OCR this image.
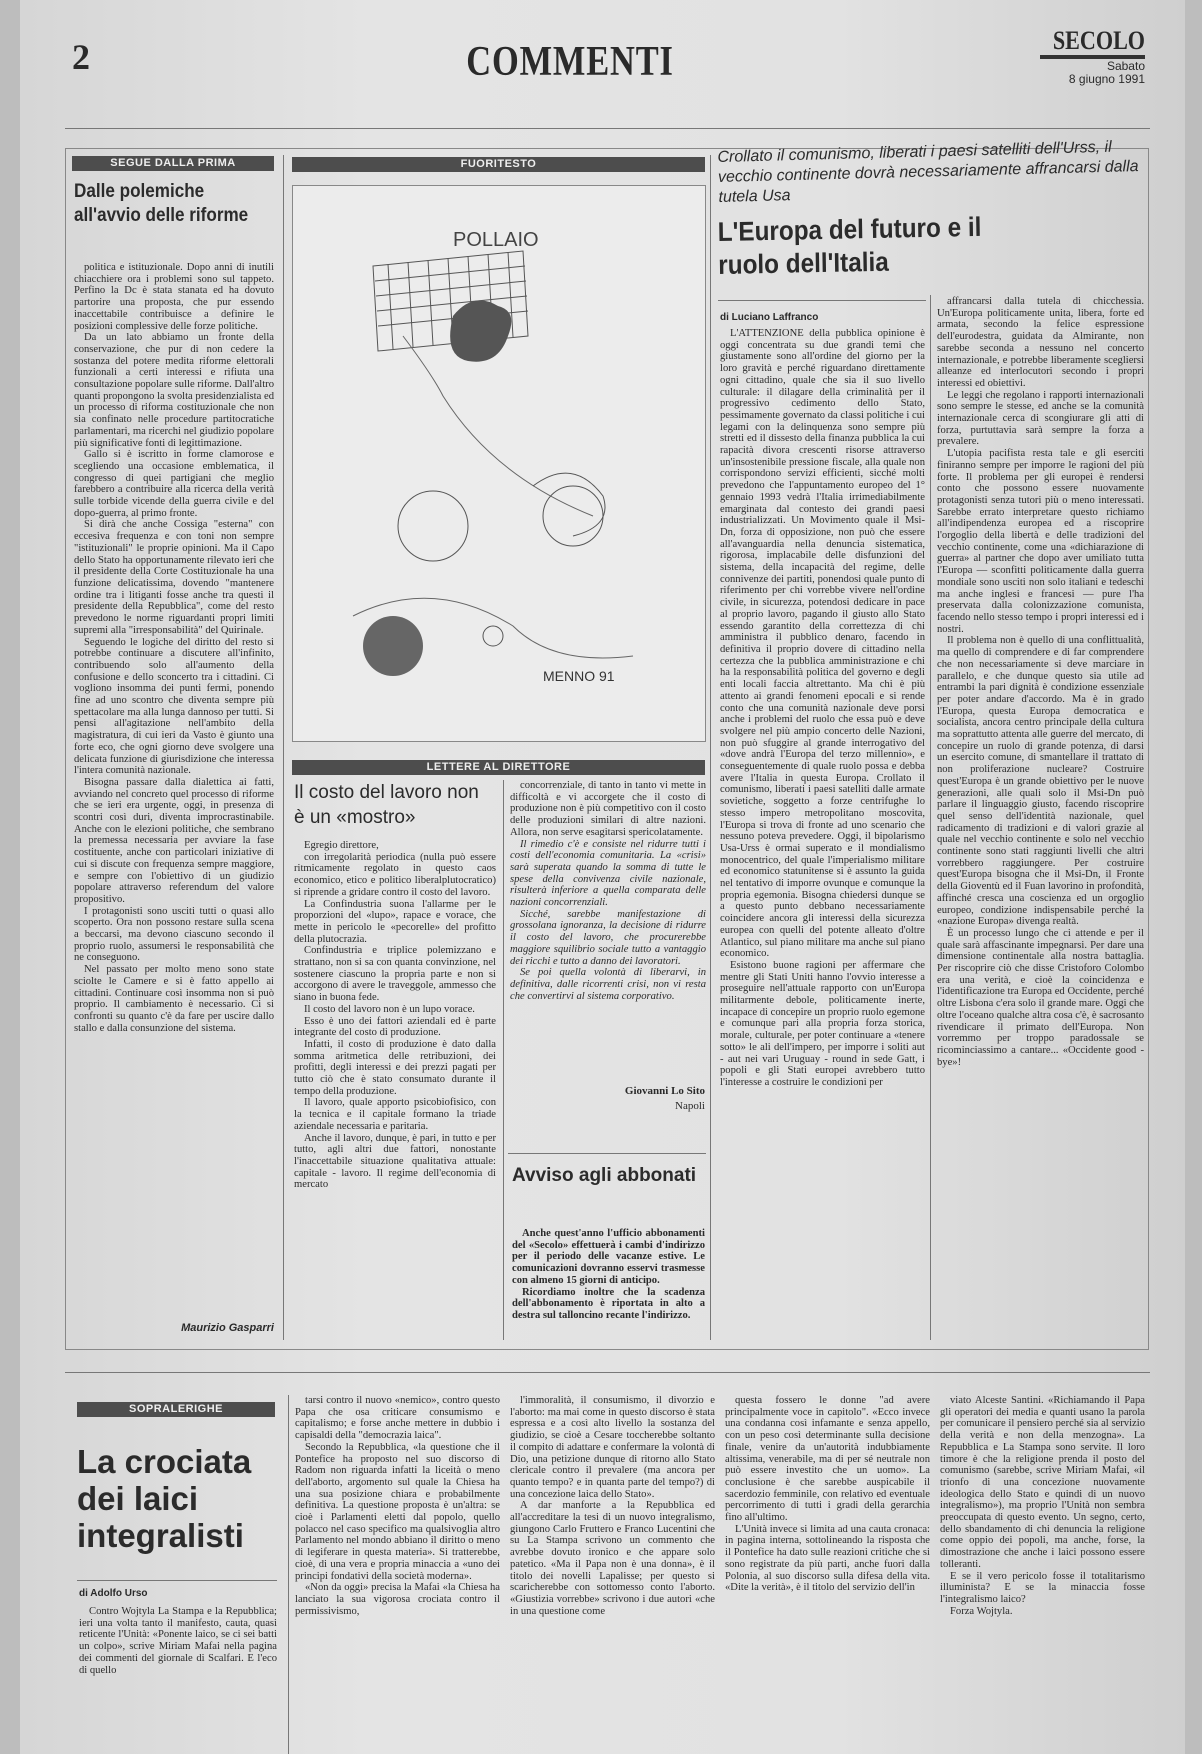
2	COMMENTI	SECOLO
Sabato
8 giugno 1991
SEGUE DALLA PRIMA
Dalle polemiche all'avvio delle riforme

politica e istituzionale. Dopo anni di inutili chiacchiere ora i problemi sono sul tappeto. Perfino la Dc è stata stanata ed ha dovuto partorire una proposta, che pur essendo inaccettabile contribuisce a definire le posizioni complessive delle forze politiche.

Da un lato abbiamo un fronte della conservazione, che pur di non cedere la sostanza del potere medita riforme elettorali funzionali a certi interessi e rifiuta una consultazione popolare sulle riforme. Dall'altro quanti propongono la svolta presidenzialista ed un processo di riforma costituzionale che non sia confinato nelle procedure partitocratiche parlamentari, ma ricerchi nel giudizio popolare più significative fonti di legittimazione.

Gallo si è iscritto in forme clamorose e scegliendo una occasione emblematica, il congresso di quei partigiani che meglio farebbero a contribuire alla ricerca della verità sulle torbide vicende della guerra civile e del dopo-guerra, al primo fronte.

Si dirà che anche Cossiga "esterna" con eccesiva frequenza e con toni non sempre "istituzionali" le proprie opinioni. Ma il Capo dello Stato ha opportunamente rilevato ieri che il presidente della Corte Costituzionale ha una funzione delicatissima, dovendo "mantenere ordine tra i litiganti fosse anche tra questi il presidente della Repubblica", come del resto prevedono le norme riguardanti propri limiti supremi alla "irresponsabilità" del Quirinale.

Seguendo le logiche del diritto del resto si potrebbe continuare a discutere all'infinito, contribuendo solo all'aumento della confusione e dello sconcerto tra i cittadini. Ci vogliono insomma dei punti fermi, ponendo fine ad uno scontro che diventa sempre più spettacolare ma alla lunga dannoso per tutti. Si pensi all'agitazione nell'ambito della magistratura, di cui ieri da Vasto è giunto una forte eco, che ogni giorno deve svolgere una delicata funzione di giurisdizione che interessa l'intera comunità nazionale.

Bisogna passare dalla dialettica ai fatti, avviando nel concreto quel processo di riforme che se ieri era urgente, oggi, in presenza di scontri così duri, diventa improcrastinabile. Anche con le elezioni politiche, che sembrano la premessa necessaria per avviare la fase costituente, anche con particolari iniziative di cui si discute con frequenza sempre maggiore, e sempre con l'obiettivo di un giudizio popolare attraverso referendum del valore propositivo.

I protagonisti sono usciti tutti o quasi allo scoperto. Ora non possono restare sulla scena a beccarsi, ma devono ciascuno secondo il proprio ruolo, assumersi le responsabilità che ne conseguono.

Nel passato per molto meno sono state sciolte le Camere e si è fatto appello ai cittadini. Continuare così insomma non si può proprio. Il cambiamento è necessario. Ci si confronti su quanto c'è da fare per uscire dallo stallo e dalla consunzione del sistema.

Maurizio Gasparri
FUORITESTO
POLLAIO
MENNO 91
LETTERE AL DIRETTORE
Il costo del lavoro non è un «mostro»

Egregio direttore,

con irregolarità periodica (nulla può essere ritmicamente regolato in questo caos economico, etico e politico liberalplutocratico) si riprende a gridare contro il costo del lavoro.

La Confindustria suona l'allarme per le proporzioni del «lupo», rapace e vorace, che mette in pericolo le «pecorelle» del profitto della plutocrazia.

Confindustria e triplice polemizzano e strattano, non si sa con quanta convinzione, nel sostenere ciascuno la propria parte e non si accorgono di avere le traveggole, ammesso che siano in buona fede.

Il costo del lavoro non è un lupo vorace.

Esso è uno dei fattori aziendali ed è parte integrante del costo di produzione.

Infatti, il costo di produzione è dato dalla somma aritmetica delle retribuzioni, dei profitti, degli interessi e dei prezzi pagati per tutto ciò che è stato consumato durante il tempo della produzione.

Il lavoro, quale apporto psicobiofisico, con la tecnica e il capitale formano la triade aziendale necessaria e paritaria.

Anche il lavoro, dunque, è pari, in tutto e per tutto, agli altri due fattori, nonostante l'inaccettabile situazione qualitativa attuale: capitale - lavoro. Il regime dell'economia di mercato

concorrenziale, di tanto in tanto vi mette in difficoltà e vi accorgete che il costo di produzione non è più competitivo con il costo delle produzioni similari di altre nazioni. Allora, non serve esagitarsi spericolatamente.

Il rimedio c'è e consiste nel ridurre tutti i costi dell'economia comunitaria. La «crisi» sarà superata quando la somma di tutte le spese della convivenza civile nazionale, risulterà inferiore a quella comparata delle nazioni concorrenziali.

Sicché, sarebbe manifestazione di grossolana ignoranza, la decisione di ridurre il costo del lavoro, che procurerebbe maggiore squilibrio sociale tutto a vantaggio dei ricchi e tutto a danno dei lavoratori.

Se poi quella volontà di liberarvi, in definitiva, dalle ricorrenti crisi, non vi resta che convertirvi al sistema corporativo.

Giovanni Lo Sito
Napoli
Avviso agli abbonati

Anche quest'anno l'ufficio abbonamenti del «Secolo» effettuerà i cambi d'indirizzo per il periodo delle vacanze estive. Le comunicazioni dovranno esservi trasmesse con almeno 15 giorni di anticipo.

Ricordiamo inoltre che la scadenza dell'abbonamento è riportata in alto a destra sul talloncino recante l'indirizzo.

Crollato il comunismo, liberati i paesi satelliti dell'Urss, il vecchio continente dovrà necessariamente affrancarsi dalla tutela Usa
L'Europa del futuro e il ruolo dell'Italia
di Luciano Laffranco

L'ATTENZIONE della pubblica opinione è oggi concentrata su due grandi temi che giustamente sono all'ordine del giorno per la loro gravità e perché riguardano direttamente ogni cittadino, quale che sia il suo livello culturale: il dilagare della criminalità per il progressivo cedimento dello Stato, pessimamente governato da classi politiche i cui legami con la delinquenza sono sempre più stretti ed il dissesto della finanza pubblica la cui rapacità divora crescenti risorse attraverso un'insostenibile pressione fiscale, alla quale non corrispondono servizi efficienti, sicché molti prevedono che l'appuntamento europeo del 1° gennaio 1993 vedrà l'Italia irrimediabilmente emarginata dal contesto dei grandi paesi industrializzati. Un Movimento quale il Msi-Dn, forza di opposizione, non può che essere all'avanguardia nella denuncia sistematica, rigorosa, implacabile delle disfunzioni del sistema, della incapacità del regime, delle connivenze dei partiti, ponendosi quale punto di riferimento per chi vorrebbe vivere nell'ordine civile, in sicurezza, potendosi dedicare in pace al proprio lavoro, pagando il giusto allo Stato essendo garantito della correttezza di chi amministra il pubblico denaro, facendo in definitiva il proprio dovere di cittadino nella certezza che la pubblica amministrazione e chi ha la responsabilità politica del governo e degli enti locali faccia altrettanto. Ma chi è più attento ai grandi fenomeni epocali e si rende conto che una comunità nazionale deve porsi anche i problemi del ruolo che essa può e deve svolgere nel più ampio concerto delle Nazioni, non può sfuggire al grande interrogativo del «dove andrà l'Europa del terzo millennio», e conseguentemente di quale ruolo possa e debba avere l'Italia in questa Europa. Crollato il comunismo, liberati i paesi satelliti dalle armate sovietiche, soggetto a forze centrifughe lo stesso impero metropolitano moscovita, l'Europa si trova di fronte ad uno scenario che nessuno poteva prevedere. Oggi, il bipolarismo Usa-Urss è ormai superato e il mondialismo monocentrico, del quale l'imperialismo militare ed economico statunitense si è assunto la guida nel tentativo di imporre ovunque e comunque la propria egemonia. Bisogna chiedersi dunque se a questo punto debbano necessariamente coincidere ancora gli interessi della sicurezza europea con quelli del potente alleato d'oltre Atlantico, sul piano militare ma anche sul piano economico.

Esistono buone ragioni per affermare che mentre gli Stati Uniti hanno l'ovvio interesse a proseguire nell'attuale rapporto con un'Europa militarmente debole, politicamente inerte, incapace di concepire un proprio ruolo egemone e comunque pari alla propria forza storica, morale, culturale, per poter continuare a «tenere sotto» le ali dell'impero, per imporre i soliti aut - aut nei vari Uruguay - round in sede Gatt, i popoli e gli Stati europei avrebbero tutto l'interesse a costruire le condizioni per

affrancarsi dalla tutela di chicchessia. Un'Europa politicamente unita, libera, forte ed armata, secondo la felice espressione dell'eurodestra, guidata da Almirante, non sarebbe seconda a nessuno nel concerto internazionale, e potrebbe liberamente scegliersi alleanze ed interlocutori secondo i propri interessi ed obiettivi.

Le leggi che regolano i rapporti internazionali sono sempre le stesse, ed anche se la comunità internazionale cerca di scongiurare gli atti di forza, purtuttavia sarà sempre la forza a prevalere.

L'utopia pacifista resta tale e gli eserciti finiranno sempre per imporre le ragioni del più forte. Il problema per gli europei è rendersi conto che possono essere nuovamente protagonisti senza tutori più o meno interessati. Sarebbe errato interpretare questo richiamo all'indipendenza europea ed a riscoprire l'orgoglio della libertà e delle tradizioni del vecchio continente, come una «dichiarazione di guerra» al partner che dopo aver umiliato tutta l'Europa — sconfitti politicamente dalla guerra mondiale sono usciti non solo italiani e tedeschi ma anche inglesi e francesi — pure l'ha preservata dalla colonizzazione comunista, facendo nello stesso tempo i propri interessi ed i nostri.

Il problema non è quello di una conflittualità, ma quello di comprendere e di far comprendere che non necessariamente si deve marciare in parallelo, e che dunque questo sia utile ad entrambi la pari dignità è condizione essenziale per poter andare d'accordo. Ma è in grado l'Europa, questa Europa democratica e socialista, ancora centro principale della cultura ma soprattutto attenta alle guerre del mercato, di concepire un ruolo di grande potenza, di darsi un esercito comune, di smantellare il trattato di non proliferazione nucleare? Costruire quest'Europa è un grande obiettivo per le nuove generazioni, alle quali solo il Msi-Dn può parlare il linguaggio giusto, facendo riscoprire quel senso dell'identità nazionale, quel radicamento di tradizioni e di valori grazie al quale nel vecchio continente e solo nel vecchio continente sono stati raggiunti livelli che altri vorrebbero raggiungere. Per costruire quest'Europa bisogna che il Msi-Dn, il Fronte della Gioventù ed il Fuan lavorino in profondità, affinché cresca una coscienza ed un orgoglio europeo, condizione indispensabile perché la «nazione Europa» divenga realtà.

È un processo lungo che ci attende e per il quale sarà affascinante impegnarsi. Per dare una dimensione continentale alla nostra battaglia. Per riscoprire ciò che disse Cristoforo Colombo era una verità, e cioè la coincidenza e l'identificazione tra Europa ed Occidente, perché oltre Lisbona c'era solo il grande mare. Oggi che oltre l'oceano qualche altra cosa c'è, è sacrosanto rivendicare il primato dell'Europa. Non vorremmo per troppo paradossale se ricominciassimo a cantare... «Occidente good - bye»!

SOPRALERIGHE
La crociata dei laici integralisti
di Adolfo Urso

Contro Wojtyla La Stampa e la Repubblica; ieri una volta tanto il manifesto, cauta, quasi reticente l'Unità: «Ponente laico, se ci sei batti un colpo», scrive Miriam Mafai nella pagina dei commenti del giornale di Scalfari. E l'eco di quello

tarsi contro il nuovo «nemico», contro questo Papa che osa criticare consumismo e capitalismo; e forse anche mettere in dubbio i capisaldi della "democrazia laica".

Secondo la Repubblica, «la questione che il Pontefice ha proposto nel suo discorso di Radom non riguarda infatti la liceità o meno dell'aborto, argomento sul quale la Chiesa ha una sua posizione chiara e probabilmente definitiva. La questione proposta è un'altra: se cioè i Parlamenti eletti dal popolo, quello polacco nel caso specifico ma qualsivoglia altro Parlamento nel mondo abbiano il diritto o meno di legiferare in questa materia». Si tratterebbe, cioè, di una vera e propria minaccia a «uno dei principi fondativi della società moderna».

«Non da oggi» precisa la Mafai «la Chiesa ha lanciato la sua vigorosa crociata contro il permissivismo,

l'immoralità, il consumismo, il divorzio e l'aborto: ma mai come in questo discorso è stata espressa e a così alto livello la sostanza del giudizio, se cioè a Cesare toccherebbe soltanto il compito di adattare e confermare la volontà di Dio, una petizione dunque di ritorno allo Stato clericale contro il prevalere (ma ancora per quanto tempo? e in quanta parte del tempo?) di una concezione laica dello Stato».

A dar manforte a la Repubblica ed all'accreditare la tesi di un nuovo integralismo, giungono Carlo Fruttero e Franco Lucentini che su La Stampa scrivono un commento che avrebbe dovuto ironico e che appare solo patetico. «Ma il Papa non è una donna», è il titolo dei novelli Lapalisse; per questo si scaricherebbe con sottomesso conto l'aborto. «Giustizia vorrebbe» scrivono i due autori «che in una questione come

questa fossero le donne "ad avere principalmente voce in capitolo". «Ecco invece una condanna così infamante e senza appello, con un peso così determinante sulla decisione finale, venire da un'autorità indubbiamente altissima, venerabile, ma di per sé neutrale non può essere investito che un uomo». La conclusione è che sarebbe auspicabile il sacerdozio femminile, con relativo ed eventuale percorrimento di tutti i gradi della gerarchia fino all'ultimo.

L'Unità invece si limita ad una cauta cronaca: in pagina interna, sottolineando la risposta che il Pontefice ha dato sulle reazioni critiche che si sono registrate da più parti, anche fuori dalla Polonia, al suo discorso sulla difesa della vita. «Dite la verità», è il titolo del servizio dell'in

viato Alceste Santini. «Richiamando il Papa gli operatori dei media e quanti usano la parola per comunicare il pensiero perché sia al servizio della verità e non della menzogna». La Repubblica e La Stampa sono servite. Il loro timore è che la religione prenda il posto del comunismo (sarebbe, scrive Miriam Mafai, «il trionfo di una concezione nuovamente ideologica dello Stato e quindi di un nuovo integralismo»), ma proprio l'Unità non sembra preoccupata di questo evento. Un segno, certo, dello sbandamento di chi denuncia la religione come oppio dei popoli, ma anche, forse, la dimostrazione che anche i laici possono essere tolleranti.

E se il vero pericolo fosse il totalitarismo illuminista? E se la minaccia fosse l'integralismo laico?

Forza Wojtyla.
